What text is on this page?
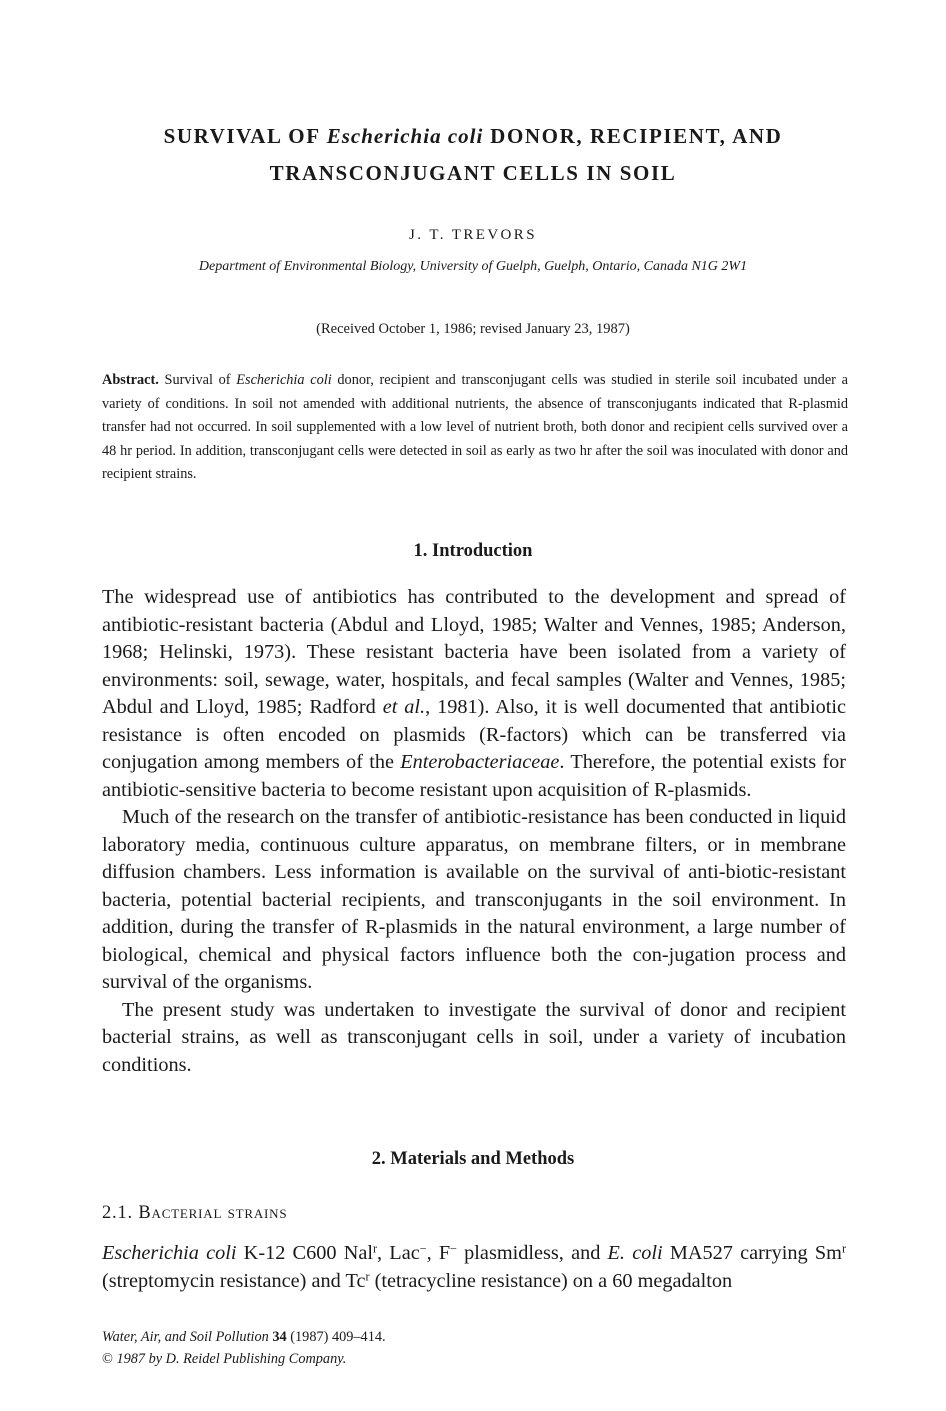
SURVIVAL OF Escherichia coli DONOR, RECIPIENT, AND
TRANSCONJUGANT CELLS IN SOIL
J. T. TREVORS
Department of Environmental Biology, University of Guelph, Guelph, Ontario, Canada N1G 2W1
(Received October 1, 1986; revised January 23, 1987)
Abstract. Survival of Escherichia coli donor, recipient and transconjugant cells was studied in sterile soil incubated under a variety of conditions. In soil not amended with additional nutrients, the absence of transconjugants indicated that R-plasmid transfer had not occurred. In soil supplemented with a low level of nutrient broth, both donor and recipient cells survived over a 48 hr period. In addition, transconjugant cells were detected in soil as early as two hr after the soil was inoculated with donor and recipient strains.
1. Introduction

The widespread use of antibiotics has contributed to the development and spread of antibiotic-resistant bacteria (Abdul and Lloyd, 1985; Walter and Vennes, 1985; Anderson, 1968; Helinski, 1973). These resistant bacteria have been isolated from a variety of environments: soil, sewage, water, hospitals, and fecal samples (Walter and Vennes, 1985; Abdul and Lloyd, 1985; Radford et al., 1981). Also, it is well documented that antibiotic resistance is often encoded on plasmids (R-factors) which can be transferred via conjugation among members of the Enterobacteriaceae. Therefore, the potential exists for antibiotic-sensitive bacteria to become resistant upon acquisition of R-plasmids.

Much of the research on the transfer of antibiotic-resistance has been conducted in liquid laboratory media, continuous culture apparatus, on membrane filters, or in membrane diffusion chambers. Less information is available on the survival of anti-biotic-resistant bacteria, potential bacterial recipients, and transconjugants in the soil environment. In addition, during the transfer of R-plasmids in the natural environment, a large number of biological, chemical and physical factors influence both the con-jugation process and survival of the organisms.

The present study was undertaken to investigate the survival of donor and recipient bacterial strains, as well as transconjugant cells in soil, under a variety of incubation conditions.

2. Materials and Methods
2.1. Bacterial strains

Escherichia coli K-12 C600 Nal$^r$, Lac−, F− plasmidless, and E. coli MA527 carrying Sm$^r$ (streptomycin resistance) and Tc$^r$ (tetracycline resistance) on a 60 megadalton

Water, Air, and Soil Pollution 34 (1987) 409–414.
© 1987 by D. Reidel Publishing Company.
